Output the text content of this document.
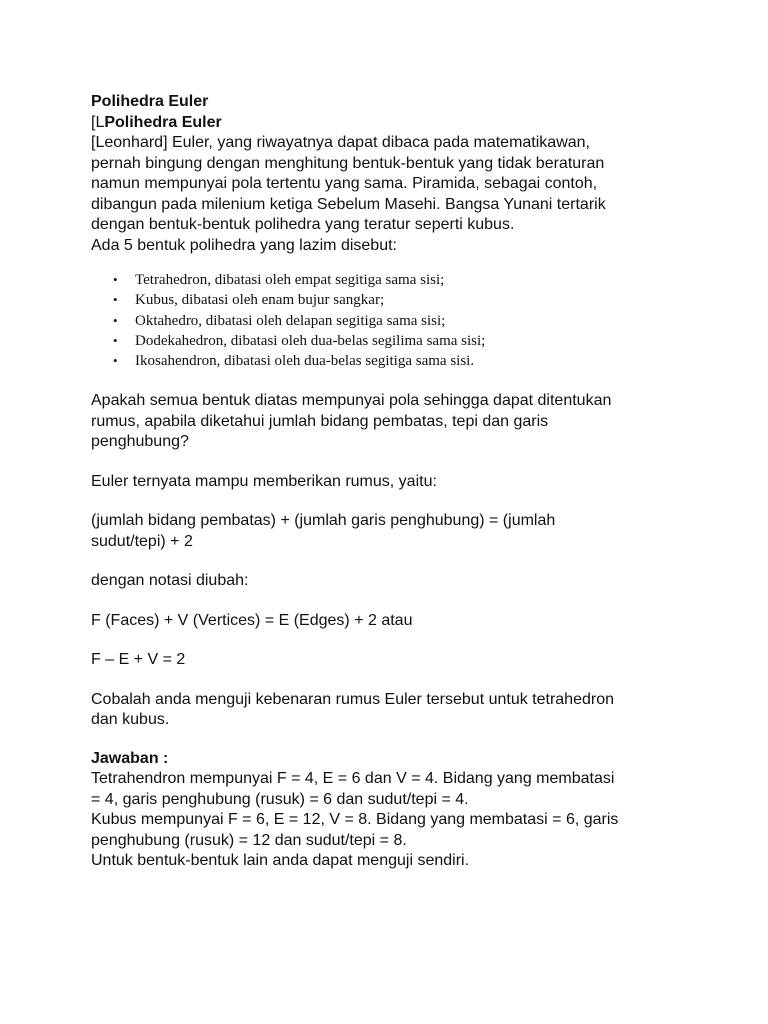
Polihedra Euler
[LPolihedra Euler
[Leonhard] Euler, yang riwayatnya dapat dibaca pada matematikawan,
pernah bingung dengan menghitung bentuk-bentuk yang tidak beraturan
namun mempunyai pola tertentu yang sama. Piramida, sebagai contoh,
dibangun pada milenium ketiga Sebelum Masehi. Bangsa Yunani tertarik
dengan bentuk-bentuk polihedra yang teratur seperti kubus.
Ada 5 bentuk polihedra yang lazim disebut:
• Tetrahedron, dibatasi oleh empat segitiga sama sisi;
• Kubus, dibatasi oleh enam bujur sangkar;
• Oktahedro, dibatasi oleh delapan segitiga sama sisi;
• Dodekahedron, dibatasi oleh dua-belas segilima sama sisi;
• Ikosahendron, dibatasi oleh dua-belas segitiga sama sisi.
Apakah semua bentuk diatas mempunyai pola sehingga dapat ditentukan
rumus, apabila diketahui jumlah bidang pembatas, tepi dan garis
penghubung?
Euler ternyata mampu memberikan rumus, yaitu:
(jumlah bidang pembatas) + (jumlah garis penghubung) = (jumlah
sudut/tepi) + 2
dengan notasi diubah:
F (Faces) + V (Vertices) = E (Edges) + 2 atau
F – E + V = 2
Cobalah anda menguji kebenaran rumus Euler tersebut untuk tetrahedron
dan kubus.
Jawaban :
Tetrahendron mempunyai F = 4, E = 6 dan V = 4. Bidang yang membatasi
= 4, garis penghubung (rusuk) = 6 dan sudut/tepi = 4.
Kubus mempunyai F = 6, E = 12, V = 8. Bidang yang membatasi = 6, garis
penghubung (rusuk) = 12 dan sudut/tepi = 8.
Untuk bentuk-bentuk lain anda dapat menguji sendiri.
